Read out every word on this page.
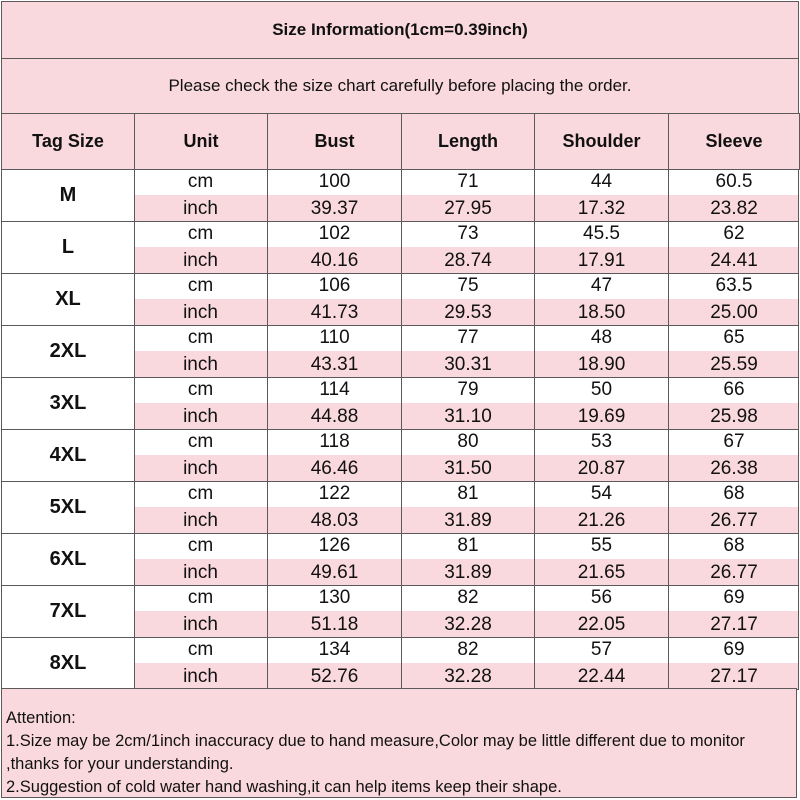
Size Information(1cm=0.39inch)
Please check the size chart carefully before placing the order.
Tag Size	Unit	Bust	Length	Shoulder	Sleeve
M
cm	100	71	44	60.5
inch	39.37	27.95	17.32	23.82
L
cm	102	73	45.5	62
inch	40.16	28.74	17.91	24.41
XL
cm	106	75	47	63.5
inch	41.73	29.53	18.50	25.00
2XL
cm	110	77	48	65
inch	43.31	30.31	18.90	25.59
3XL
cm	114	79	50	66
inch	44.88	31.10	19.69	25.98
4XL
cm	118	80	53	67
inch	46.46	31.50	20.87	26.38
5XL
cm	122	81	54	68
inch	48.03	31.89	21.26	26.77
6XL
cm	126	81	55	68
inch	49.61	31.89	21.65	26.77
7XL
cm	130	82	56	69
inch	51.18	32.28	22.05	27.17
8XL
cm	134	82	57	69
inch	52.76	32.28	22.44	27.17

Attention:

1.Size may be 2cm/1inch inaccuracy due to hand measure,Color may be little different due to monitor ,thanks for your understanding.

2.Suggestion of cold water hand washing,it can help items keep their shape.
